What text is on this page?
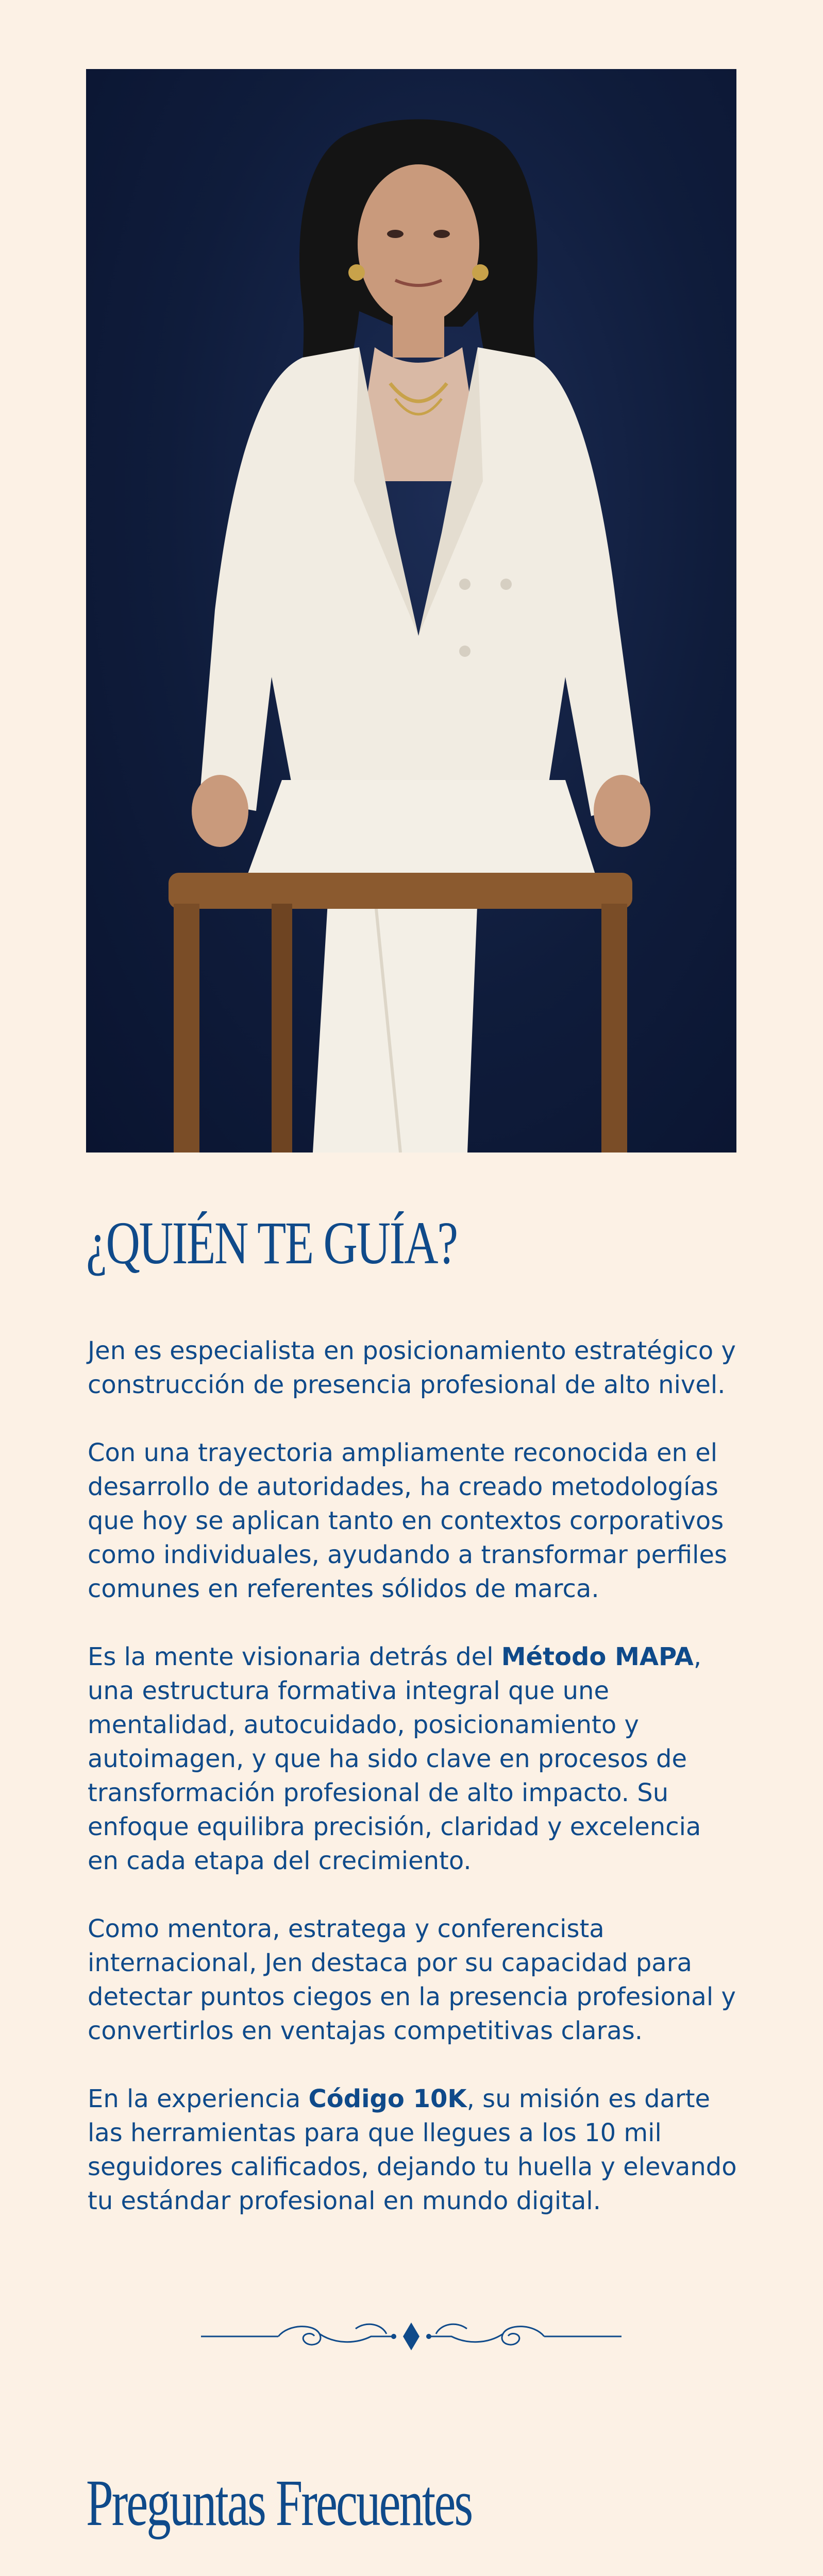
¿QUIÉN TE GUÍA?

Jen es especialista en posicionamiento estratégico y construcción de presencia profesional de alto nivel.

Con una trayectoria ampliamente reconocida en el desarrollo de autoridades, ha creado metodologías que hoy se aplican tanto en contextos corporativos como individuales, ayudando a transformar perfiles comunes en referentes sólidos de marca.

Es la mente visionaria detrás del Método MAPA, una estructura formativa integral que une mentalidad, autocuidado, posicionamiento y autoimagen, y que ha sido clave en procesos de transformación profesional de alto impacto. Su enfoque equilibra precisión, claridad y excelencia en cada etapa del crecimiento.

Como mentora, estratega y conferencista internacional, Jen destaca por su capacidad para detectar puntos ciegos en la presencia profesional y convertirlos en ventajas competitivas claras.

En la experiencia Código 10K, su misión es darte las herramientas para que llegues a los 10 mil seguidores calificados, dejando tu huella y elevando tu estándar profesional en mundo digital.

Preguntas Frecuentes
